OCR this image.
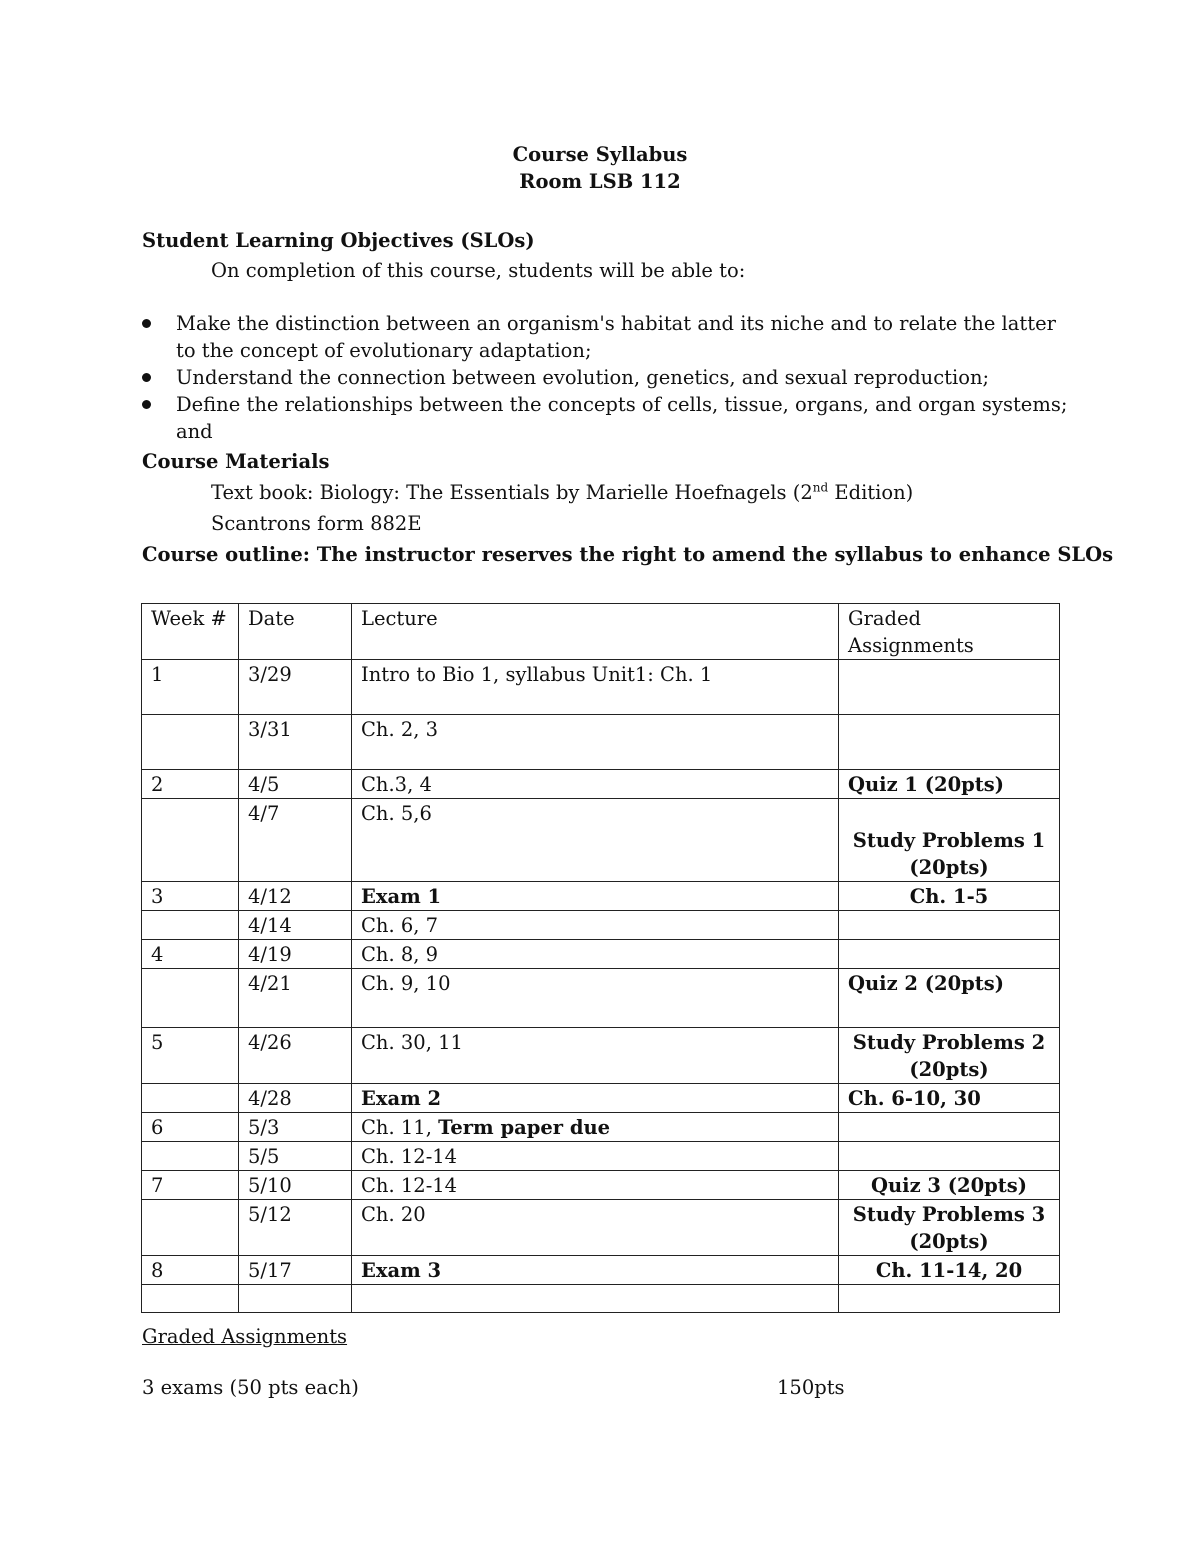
Course Syllabus
Room LSB 112
Student Learning Objectives (SLOs)
On completion of this course, students will be able to:
Make the distinction between an organism's habitat and its niche and to relate the latter to the concept of evolutionary adaptation;
Understand the connection between evolution, genetics, and sexual reproduction;
Define the relationships between the concepts of cells, tissue, organs, and organ systems; and
Course Materials
Text book: Biology: The Essentials by Marielle Hoefnagels (2nd Edition)
Scantrons form 882E
Course outline: The instructor reserves the right to amend the syllabus to enhance SLOs
Week #	Date	Lecture	Graded Assignments
1	3/29	Intro to Bio 1, syllabus Unit1: Ch. 1	
	3/31	Ch. 2, 3	
2	4/5	Ch.3, 4	Quiz 1 (20pts)
	4/7	Ch. 5,6	Study Problems 1 (20pts)
3	4/12	Exam 1	Ch. 1-5
	4/14	Ch. 6, 7	
4	4/19	Ch. 8, 9	
	4/21	Ch. 9, 10	Quiz 2 (20pts)
5	4/26	Ch. 30, 11	Study Problems 2 (20pts)
	4/28	Exam 2	Ch. 6-10, 30
6	5/3	Ch. 11, Term paper due	
	5/5	Ch. 12-14	
7	5/10	Ch. 12-14	Quiz 3 (20pts)
	5/12	Ch. 20	Study Problems 3 (20pts)
8	5/17	Exam 3	Ch. 11-14, 20

Graded Assignments
3 exams (50 pts each)	150pts
